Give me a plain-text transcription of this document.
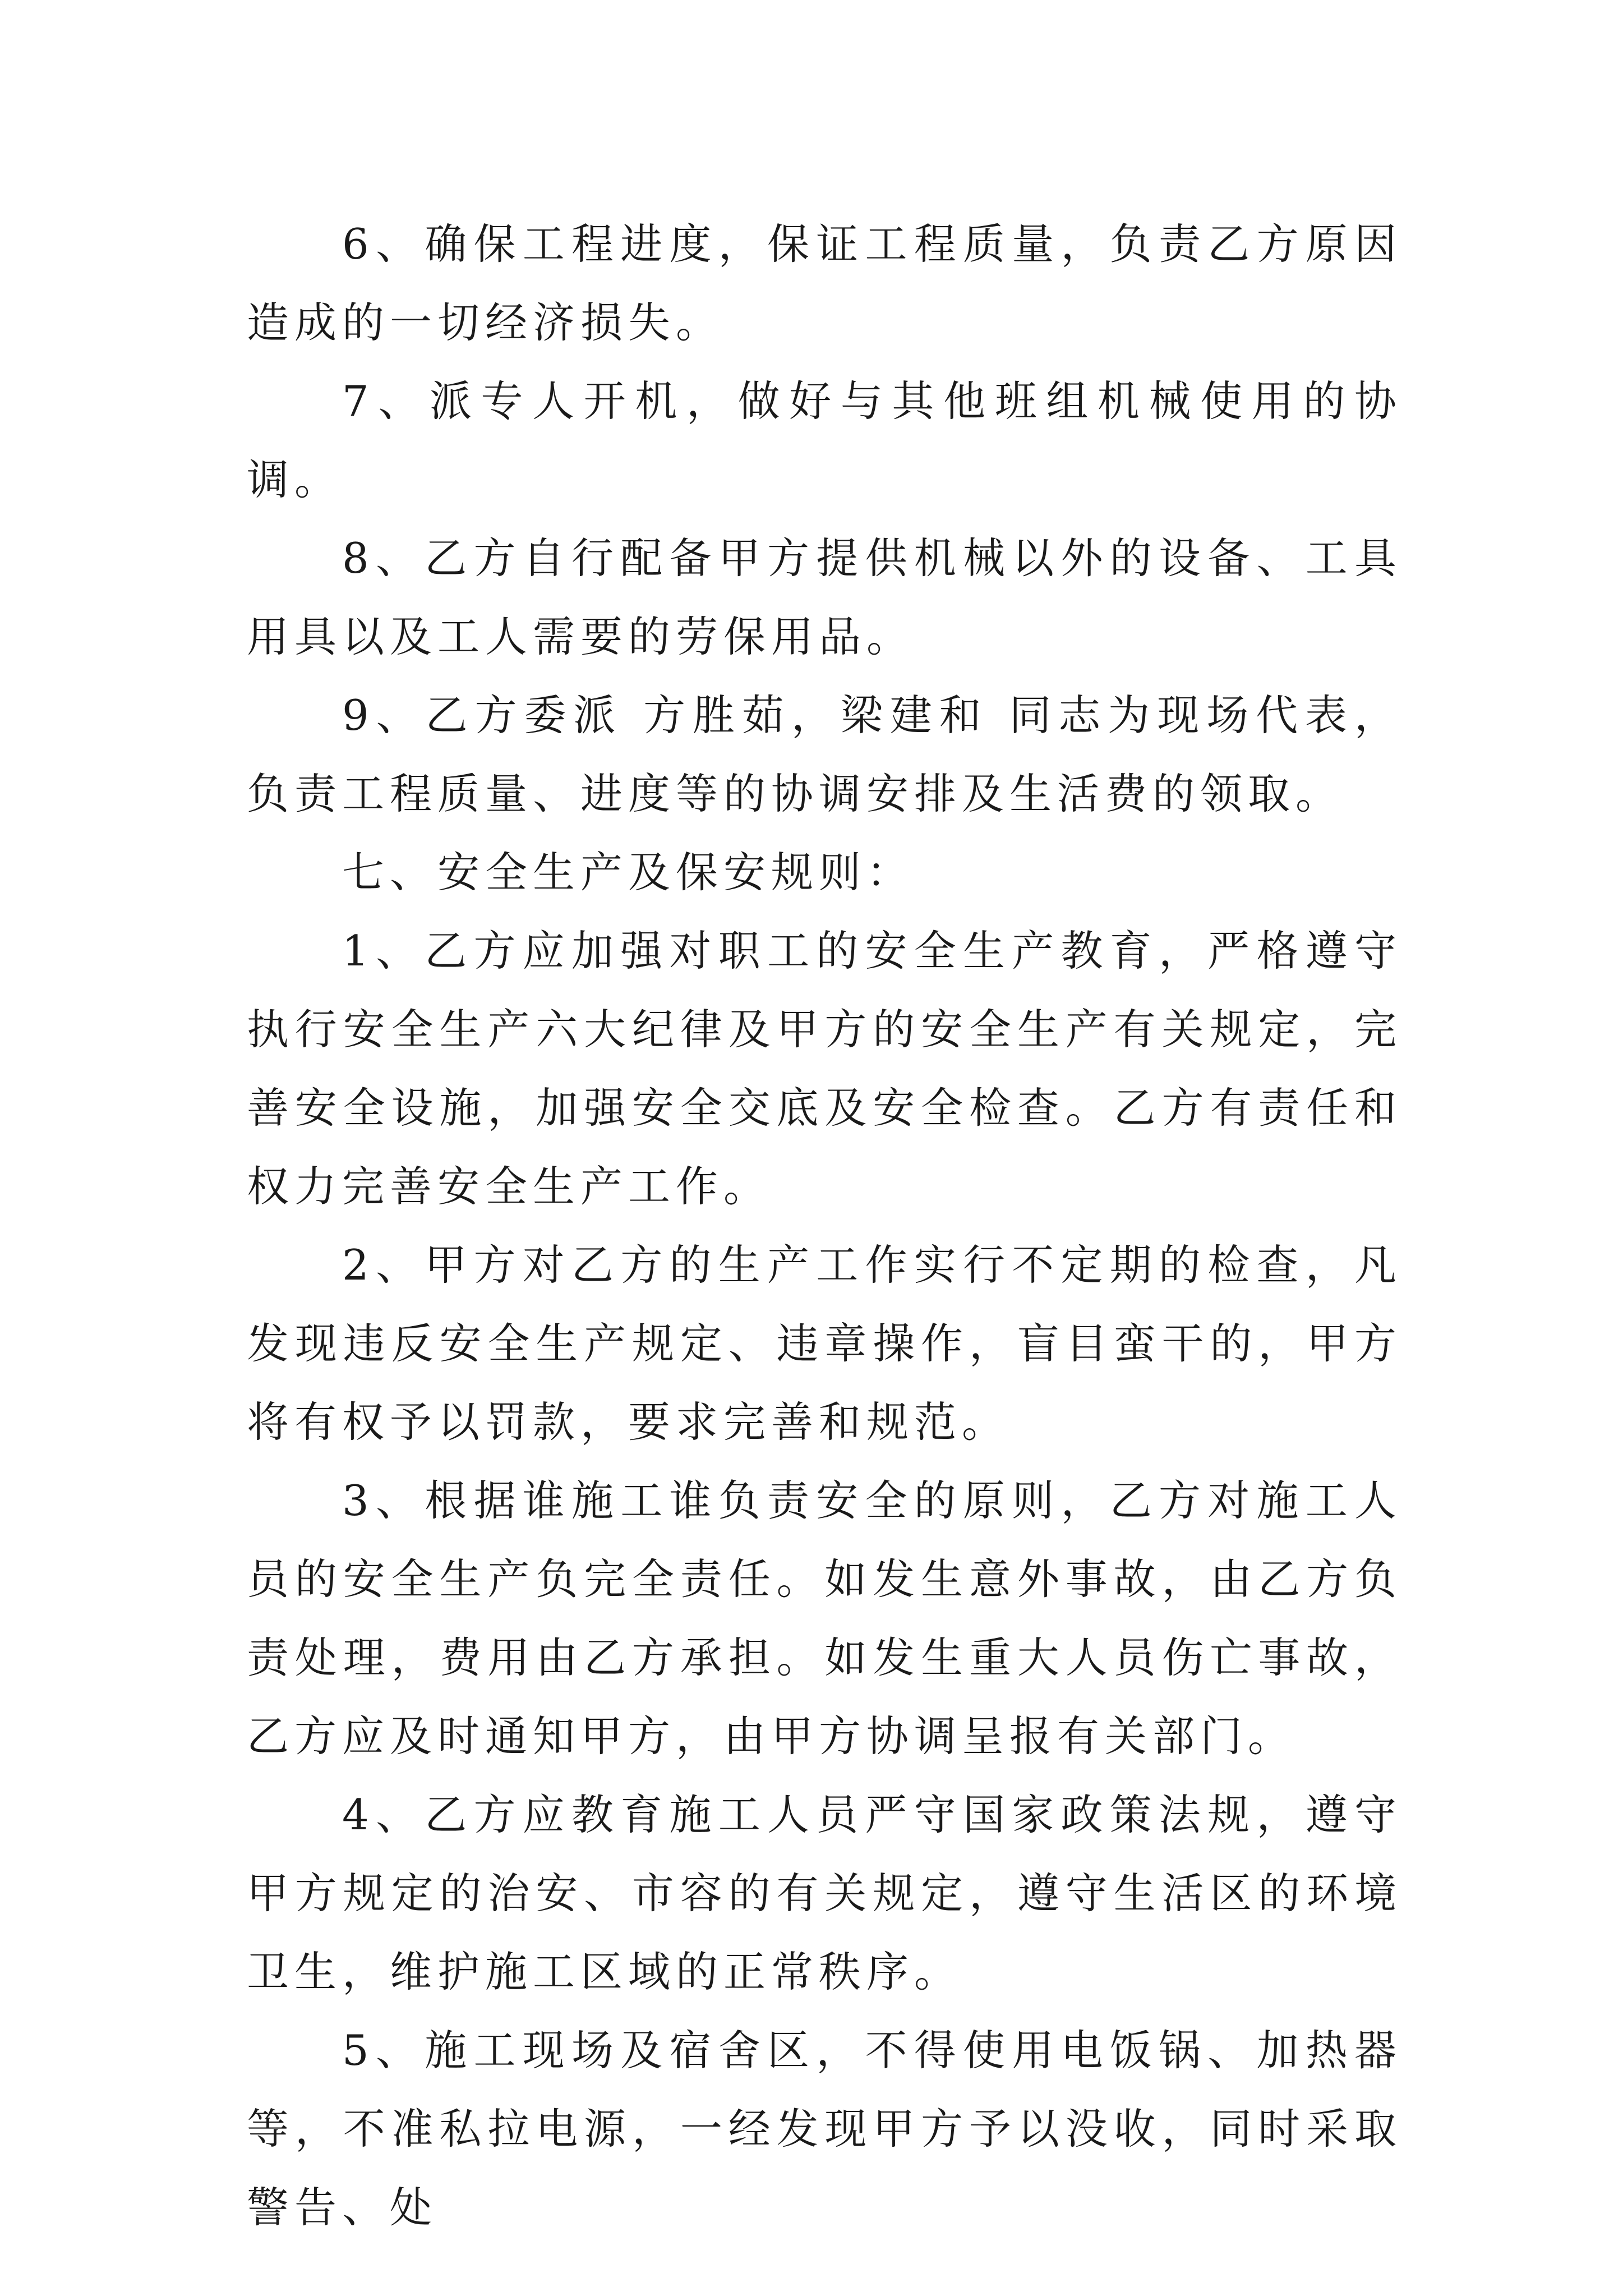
6、确保工程进度，保证工程质量，负责乙方原因造成的一切经济损失。

7、派专人开机，做好与其他班组机械使用的协调。

8、乙方自行配备甲方提供机械以外的设备、工具用具以及工人需要的劳保用品。

9、乙方委派 方胜茹，梁建和 同志为现场代表，负责工程质量、进度等的协调安排及生活费的领取。

七、安全生产及保安规则：

1、乙方应加强对职工的安全生产教育，严格遵守执行安全生产六大纪律及甲方的安全生产有关规定，完善安全设施，加强安全交底及安全检查。乙方有责任和权力完善安全生产工作。

2、甲方对乙方的生产工作实行不定期的检查，凡发现违反安全生产规定、违章操作，盲目蛮干的，甲方将有权予以罚款，要求完善和规范。

3、根据谁施工谁负责安全的原则，乙方对施工人员的安全生产负完全责任。如发生意外事故，由乙方负责处理，费用由乙方承担。如发生重大人员伤亡事故，乙方应及时通知甲方，由甲方协调呈报有关部门。

4、乙方应教育施工人员严守国家政策法规，遵守甲方规定的治安、市容的有关规定，遵守生活区的环境卫生，维护施工区域的正常秩序。

5、施工现场及宿舍区，不得使用电饭锅、加热器等，不准私拉电源，一经发现甲方予以没收，同时采取警告、处
